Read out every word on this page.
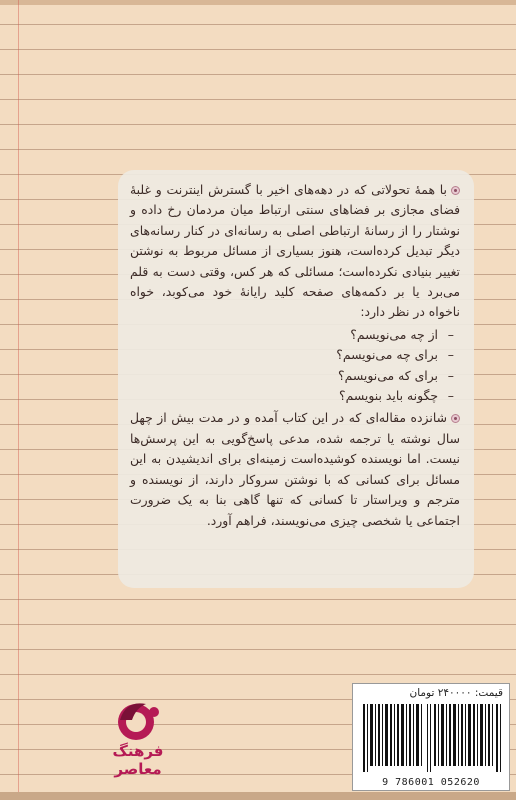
با همهٔ تحولاتی که در دهه‌های اخیر با گسترش اینترنت و غلبهٔ فضای مجازی بر فضاهای سنتی ارتباط میان مردمان رخ داده و نوشتار را از رسانهٔ ارتباطی اصلی به رسانه‌ای در کنار رسانه‌های دیگر تبدیل کرده‌است، هنوز بسیاری از مسائل مربوط به نوشتن تغییر بنیادی نکرده‌است؛ مسائلی که هر کس، وقتی دست به قلم می‌برد یا بر دکمه‌های صفحه کلید رایانهٔ خود می‌کوبد، خواه ناخواه در نظر دارد:

– از چه می‌نویسم؟
– برای چه می‌نویسم؟
– برای که می‌نویسم؟
– چگونه باید بنویسم؟

شانزده مقاله‌ای که در این کتاب آمده و در مدت بیش از چهل سال نوشته یا ترجمه شده، مدعی پاسخ‌گویی به این پرسش‌ها نیست. اما نویسنده کوشیده‌است زمینه‌ای برای اندیشیدن به این مسائل برای کسانی که با نوشتن سروکار دارند، از نویسنده و مترجم و ویراستار تا کسانی که تنها گاهی بنا به یک ضرورت اجتماعی یا شخصی چیزی می‌نویسند، فراهم آورد.

فرهنگ معاصر
قیمت: ۲۴۰۰۰۰ تومان
9 786001 052620
